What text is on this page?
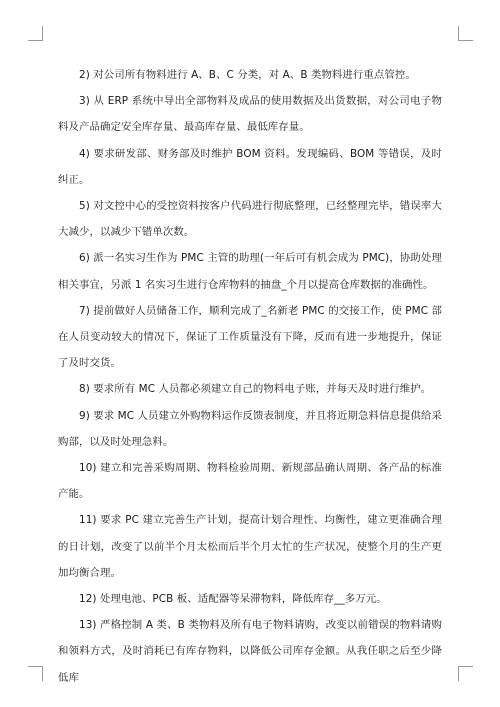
2) 对公司所有物料进行 A、B、C 分类，对 A、B 类物料进行重点管控。

3) 从 ERP 系统中导出全部物料及成品的使用数据及出货数据，对公司电子物料及产品确定安全库存量、最高库存量、最低库存量。

4) 要求研发部、财务部及时维护 BOM 资料。发现编码、BOM 等错误，及时纠正。

5) 对文控中心的受控资料按客户代码进行彻底整理，已经整理完毕，错误率大大减少，以减少下错单次数。

6) 派一名实习生作为 PMC 主管的助理(一年后可有机会成为 PMC)，协助处理相关事宜，另派 1 名实习生进行仓库物料的抽盘_个月以提高仓库数据的准确性。

7) 提前做好人员储备工作，顺利完成了_名新老 PMC 的交接工作，使 PMC 部在人员变动较大的情况下，保证了工作质量没有下降，反而有进一步地提升，保证了及时交货。

8) 要求所有 MC 人员都必须建立自己的物料电子账，并每天及时进行维护。

9) 要求 MC 人员建立外购物料运作反馈表制度，并且将近期急料信息提供给采购部，以及时处理急料。

10) 建立和完善采购周期、物料检验周期、新规部品确认周期、各产品的标准产能。

11) 要求 PC 建立完善生产计划，提高计划合理性、均衡性，建立更准确合理的日计划，改变了以前半个月太松而后半个月太忙的生产状况，使整个月的生产更加均衡合理。

12) 处理电池、PCB 板、适配器等呆滞物料，降低库存__多万元。

13) 严格控制 A 类、B 类物料及所有电子物料请购，改变以前错误的物料请购和领料方式，及时消耗已有库存物料，以降低公司库存金额。从我任职之后至少降低库
